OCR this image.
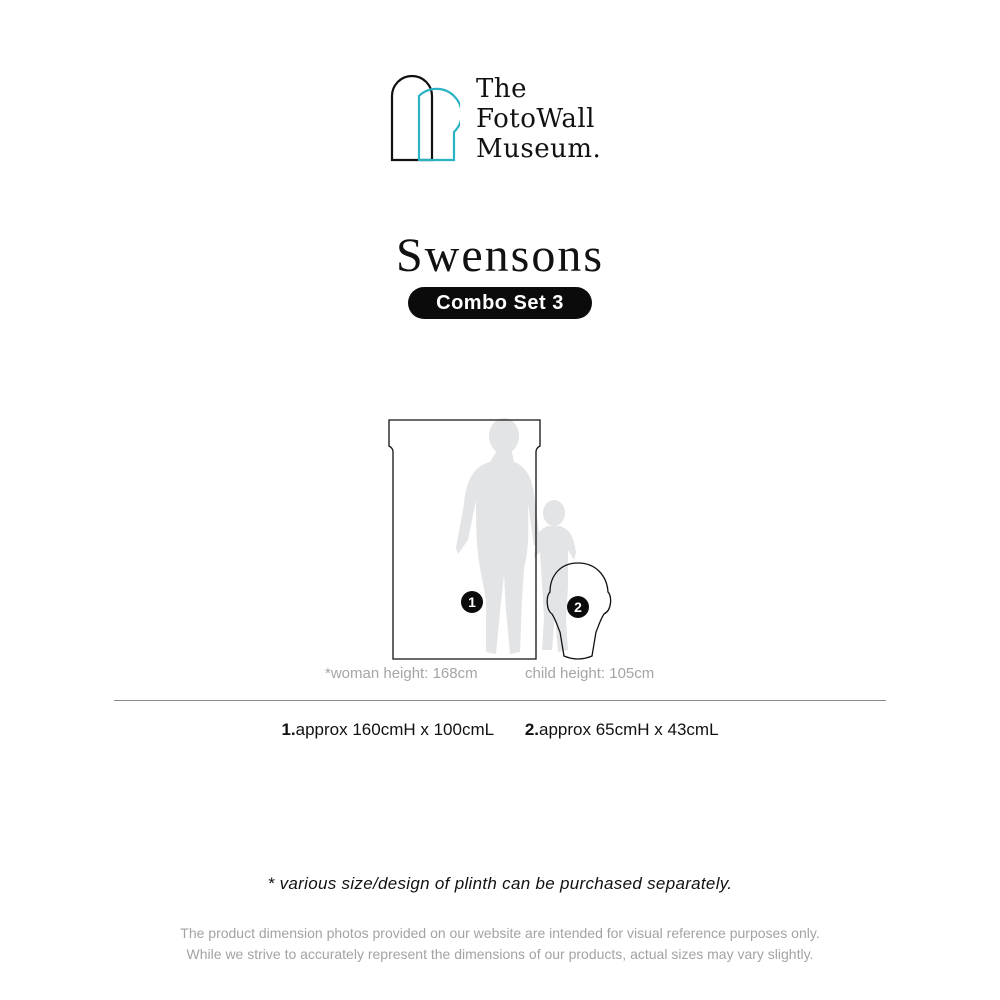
The
FotoWall
Museum.
Swensons
Combo Set 3
1	2
*woman height: 168cm	child height: 105cm
1.approx 160cmH x 100cmL 2.approx 65cmH x 43cmL
* various size/design of plinth can be purchased separately.
The product dimension photos provided on our website are intended for visual reference purposes only.
While we strive to accurately represent the dimensions of our products, actual sizes may vary slightly.
